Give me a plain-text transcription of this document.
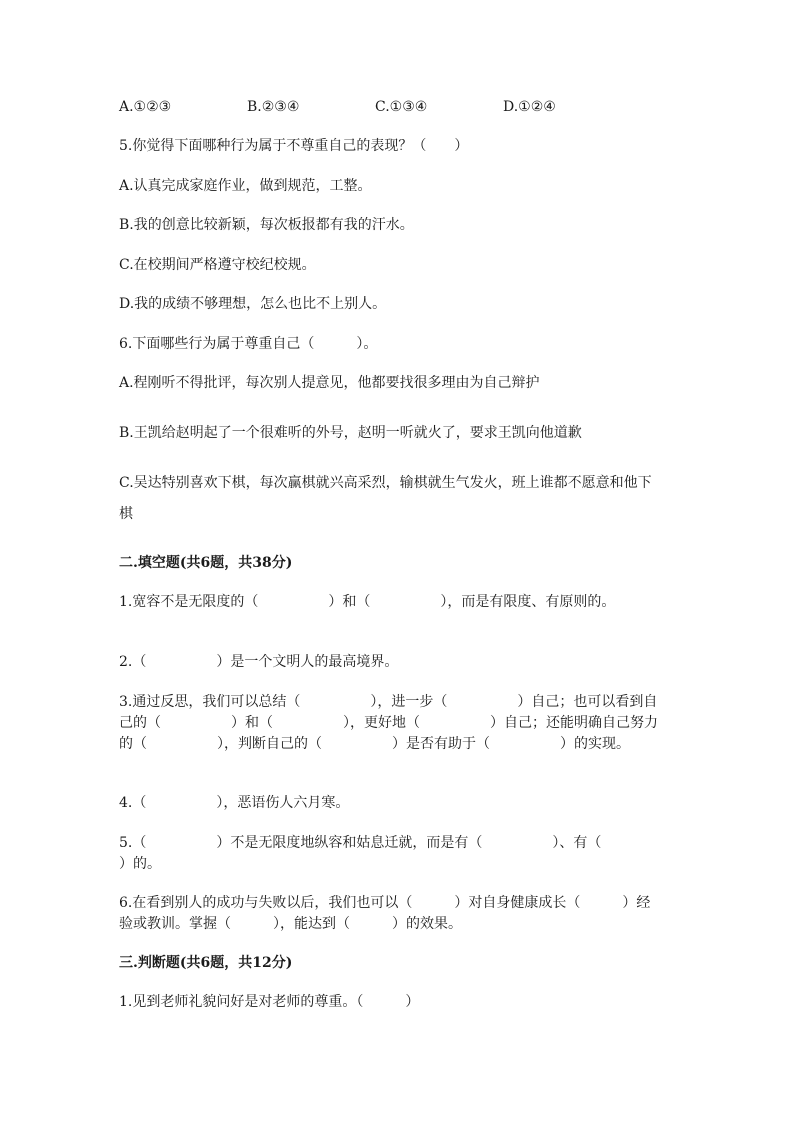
A.①②③	B.②③④	C.①③④	D.①②④
5.你觉得下面哪种行为属于不尊重自己的表现？（　　）
A.认真完成家庭作业，做到规范，工整。
B.我的创意比较新颖，每次板报都有我的汗水。
C.在校期间严格遵守校纪校规。
D.我的成绩不够理想，怎么也比不上别人。
6.下面哪些行为属于尊重自己（　　　）。
A.程刚听不得批评，每次别人提意见，他都要找很多理由为自己辩护
B.王凯给赵明起了一个很难听的外号，赵明一听就火了，要求王凯向他道歉
C.吴达特别喜欢下棋，每次赢棋就兴高采烈，输棋就生气发火，班上谁都不愿意和他下棋
二.填空题(共6题，共38分)
1.宽容不是无限度的（　　　　　）和（　　　　　），而是有限度、有原则的。
2.（　　　　　）是一个文明人的最高境界。
3.通过反思，我们可以总结（　　　　　），进一步（　　　　　）自己；也可以看到自己的（　　　　　）和（　　　　　），更好地（　　　　　）自己；还能明确自己努力的（　　　　　），判断自己的（　　　　　）是否有助于（　　　　　）的实现。
4.（　　　　　），恶语伤人六月寒。
5.（　　　　　）不是无限度地纵容和姑息迁就，而是有（　　　　　）、有（　　　　　）的。
6.在看到别人的成功与失败以后，我们也可以（　　　）对自身健康成长（　　　）经验或教训。掌握（　　　），能达到（　　　）的效果。
三.判断题(共6题，共12分)
1.见到老师礼貌问好是对老师的尊重。（　　　）
